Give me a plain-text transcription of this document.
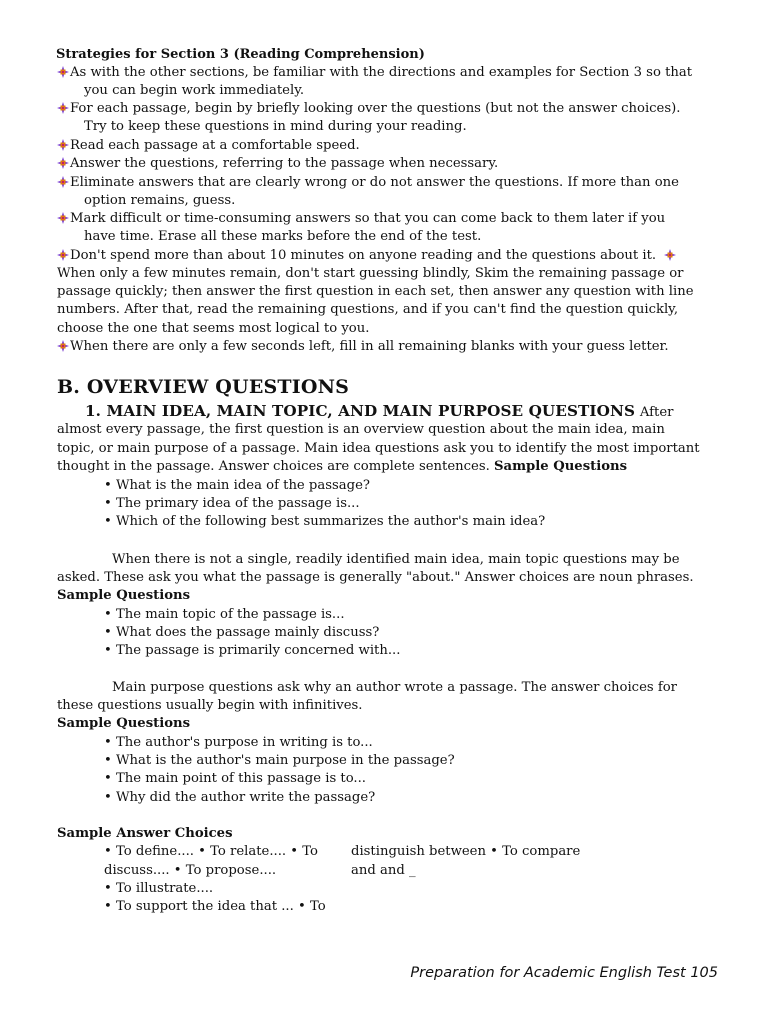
Strategies for Section 3 (Reading Comprehension)
As with the other sections, be familiar with the directions and examples for Section 3 so that
you can begin work immediately.
For each passage, begin by briefly looking over the questions (but not the answer choices).
Try to keep these questions in mind during your reading.
Read each passage at a comfortable speed.
Answer the questions, referring to the passage when necessary.
Eliminate answers that are clearly wrong or do not answer the questions. If more than one
option remains, guess.
Mark difficult or time-consuming answers so that you can come back to them later if you
have time. Erase all these marks before the end of the test.
Don't spend more than about 10 minutes on anyone reading and the questions about it.
When only a few minutes remain, don't start guessing blindly, Skim the remaining passage or
passage quickly; then answer the first question in each set, then answer any question with line
numbers. After that, read the remaining questions, and if you can't find the question quickly,
choose the one that seems most logical to you.
When there are only a few seconds left, fill in all remaining blanks with your guess letter.
B. OVERVIEW QUESTIONS
1. MAIN IDEA, MAIN TOPIC, AND MAIN PURPOSE QUESTIONS After
almost every passage, the first question is an overview question about the main idea, main
topic, or main purpose of a passage. Main idea questions ask you to identify the most important
thought in the passage. Answer choices are complete sentences. Sample Questions
• What is the main idea of the passage?
• The primary idea of the passage is...
• Which of the following best summarizes the author's main idea?
When there is not a single, readily identified main idea, main topic questions may be
asked. These ask you what the passage is generally "about." Answer choices are noun phrases.
Sample Questions
• The main topic of the passage is...
• What does the passage mainly discuss?
• The passage is primarily concerned with...
Main purpose questions ask why an author wrote a passage. The answer choices for
these questions usually begin with infinitives.
Sample Questions
• The author's purpose in writing is to...
• What is the author's main purpose in the passage?
• The main point of this passage is to...
• Why did the author write the passage?
Sample Answer Choices
• To define.... • To relate.... • To
discuss.... • To propose....
• To illustrate....
• To support the idea that ... • To
distinguish between • To compare
and and _
Preparation for Academic English Test 105
